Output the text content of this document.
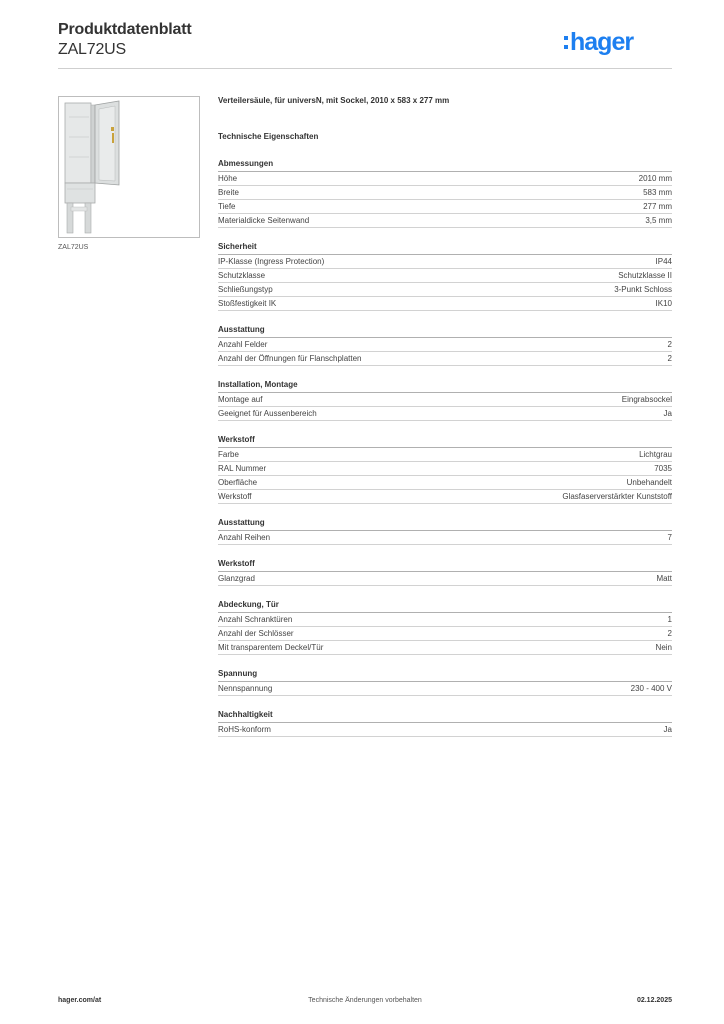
Produktdatenblatt
ZAL72US	hager
ZAL72US
Verteilersäule, für universN, mit Sockel, 2010 x 583 x 277 mm
Technische Eigenschaften
Abmessungen
Höhe	2010 mm
Breite	583 mm
Tiefe	277 mm
Materialdicke Seitenwand	3,5 mm
Sicherheit
IP-Klasse (Ingress Protection)	IP44
Schutzklasse	Schutzklasse II
Schließungstyp	3-Punkt Schloss
Stoßfestigkeit IK	IK10
Ausstattung
Anzahl Felder	2
Anzahl der Öffnungen für Flanschplatten	2
Installation, Montage
Montage auf	Eingrabsockel
Geeignet für Aussenbereich	Ja
Werkstoff
Farbe	Lichtgrau
RAL Nummer	7035
Oberfläche	Unbehandelt
Werkstoff	Glasfaserverstärkter Kunststoff
Ausstattung
Anzahl Reihen	7
Werkstoff
Glanzgrad	Matt
Abdeckung, Tür
Anzahl Schranktüren	1
Anzahl der Schlösser	2
Mit transparentem Deckel/Tür	Nein
Spannung
Nennspannung	230 - 400 V
Nachhaltigkeit
RoHS-konform	Ja
Technische Änderungen vorbehalten
hager.com/at	02.12.2025
